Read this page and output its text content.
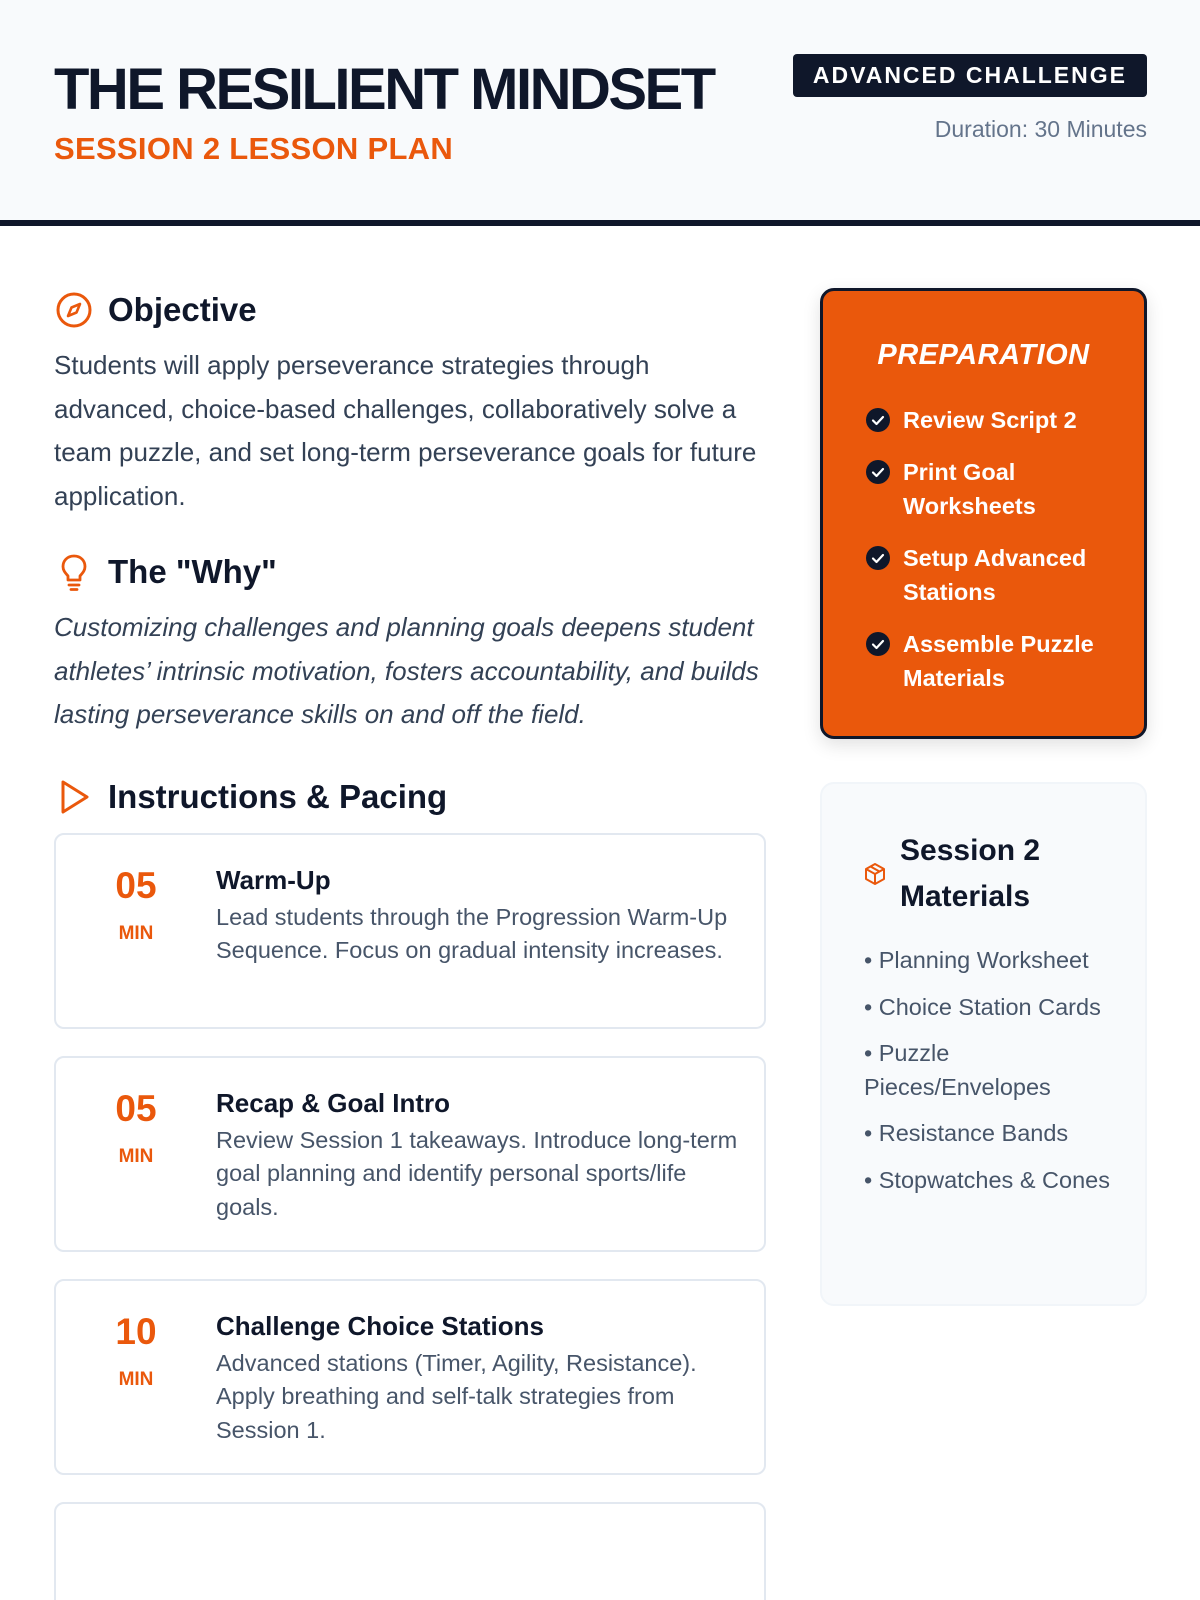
THE RESILIENT MINDSET
SESSION 2 LESSON PLAN
ADVANCED CHALLENGE
Duration: 30 Minutes
Objective

Students will apply perseverance strategies through advanced, choice-based challenges, collaboratively solve a team puzzle, and set long-term perseverance goals for future application.

The "Why"

Customizing challenges and planning goals deepens student athletes’ intrinsic motivation, fosters accountability, and builds lasting perseverance skills on and off the field.

Instructions & Pacing
05
MIN
Warm-Up
Lead students through the Progression Warm-Up Sequence. Focus on gradual intensity increases.
05
MIN
Recap & Goal Intro
Review Session 1 takeaways. Introduce long-term goal planning and identify personal sports/life goals.
10
MIN
Challenge Choice Stations
Advanced stations (Timer, Agility, Resistance). Apply breathing and self-talk strategies from Session 1.
PREPARATION
Review Script 2
Print Goal Worksheets
Setup Advanced Stations
Assemble Puzzle Materials
Session 2 Materials
• Planning Worksheet
• Choice Station Cards
• Puzzle Pieces/Envelopes
• Resistance Bands
• Stopwatches & Cones
